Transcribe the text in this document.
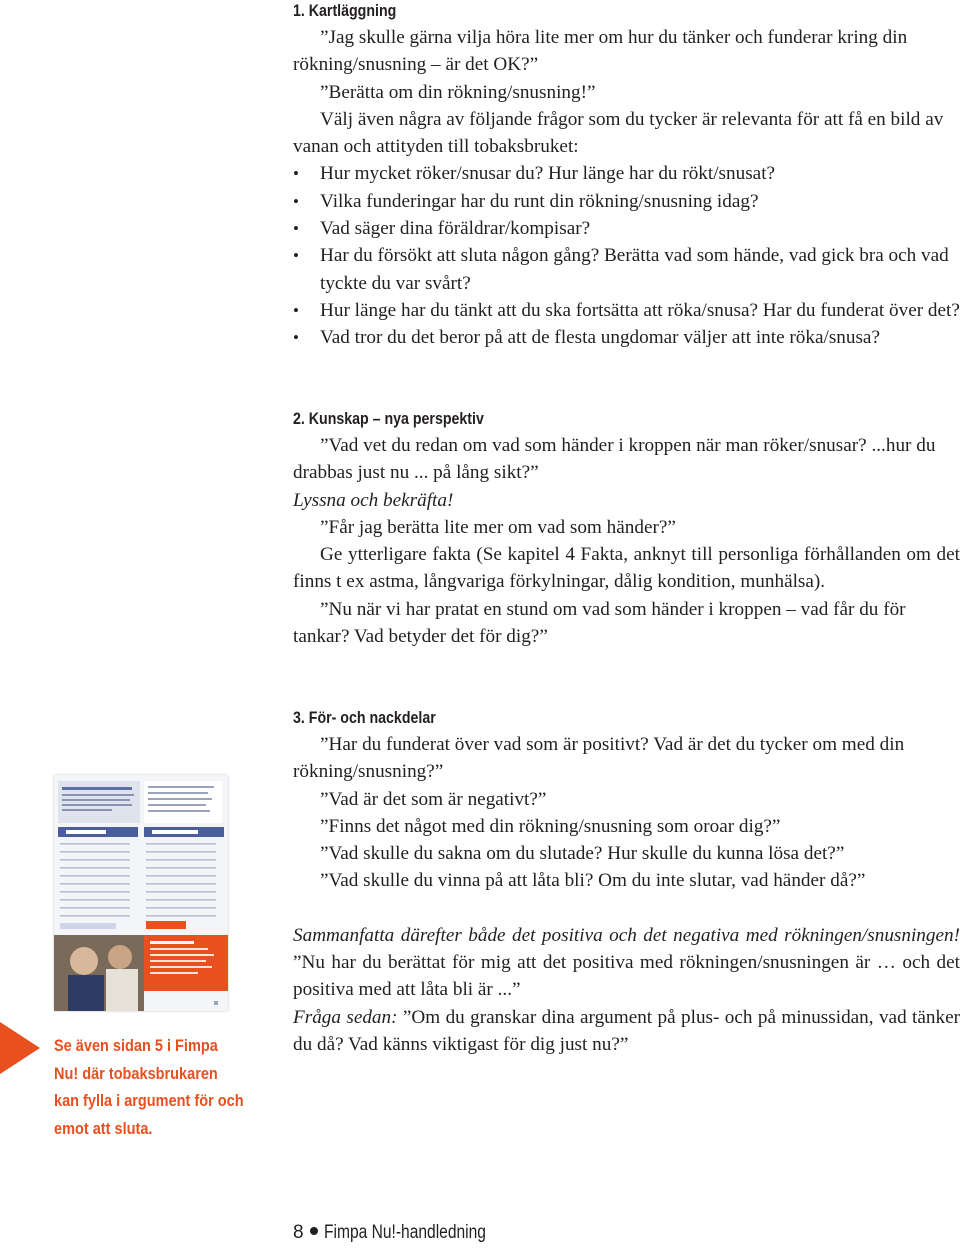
1. Kartläggning

”Jag skulle gärna vilja höra lite mer om hur du tänker och funderar kring din rökning/snusning – är det OK?”

”Berätta om din rökning/snusning!”

Välj även några av följande frågor som du tycker är relevanta för att få en bild av vanan och attityden till tobaksbruket:

• Hur mycket röker/snusar du? Hur länge har du rökt/snusat?
• Vilka funderingar har du runt din rökning/snusning idag?
• Vad säger dina föräldrar/kompisar?
• Har du försökt att sluta någon gång? Berätta vad som hände, vad gick bra och vad tyckte du var svårt?
• Hur länge har du tänkt att du ska fortsätta att röka/snusa? Har du funderat över det?
• Vad tror du det beror på att de flesta ungdomar väljer att inte röka/snusa?
2. Kunskap – nya perspektiv

”Vad vet du redan om vad som händer i kroppen när man röker/snusar? ...hur du drabbas just nu ... på lång sikt?”

Lyssna och bekräfta!

”Får jag berätta lite mer om vad som händer?”

Ge ytterligare fakta (Se kapitel 4 Fakta, anknyt till personliga förhållanden om det finns t ex astma, långvariga förkylningar, dålig kondition, munhälsa).

”Nu när vi har pratat en stund om vad som händer i kroppen – vad får du för tankar? Vad betyder det för dig?”

3. För- och nackdelar

”Har du funderat över vad som är positivt? Vad är det du tycker om med din rökning/snusning?”

”Vad är det som är negativt?”

”Finns det något med din rökning/snusning som oroar dig?”

”Vad skulle du sakna om du slutade? Hur skulle du kunna lösa det?”

”Vad skulle du vinna på att låta bli? Om du inte slutar, vad händer då?”

Sammanfatta därefter både det positiva och det negativa med rökningen/snusningen! ”Nu har du berättat för mig att det positiva med rökningen/snusningen är … och det positiva med att låta bli är ...”

Fråga sedan: ”Om du granskar dina argument på plus- och på minussidan, vad tänker du då? Vad känns viktigast för dig just nu?”

Se även sidan 5 i Fimpa
Nu! där tobaksbrukaren
kan fylla i argument för och
emot att sluta.
8 Fimpa Nu!-handledning
